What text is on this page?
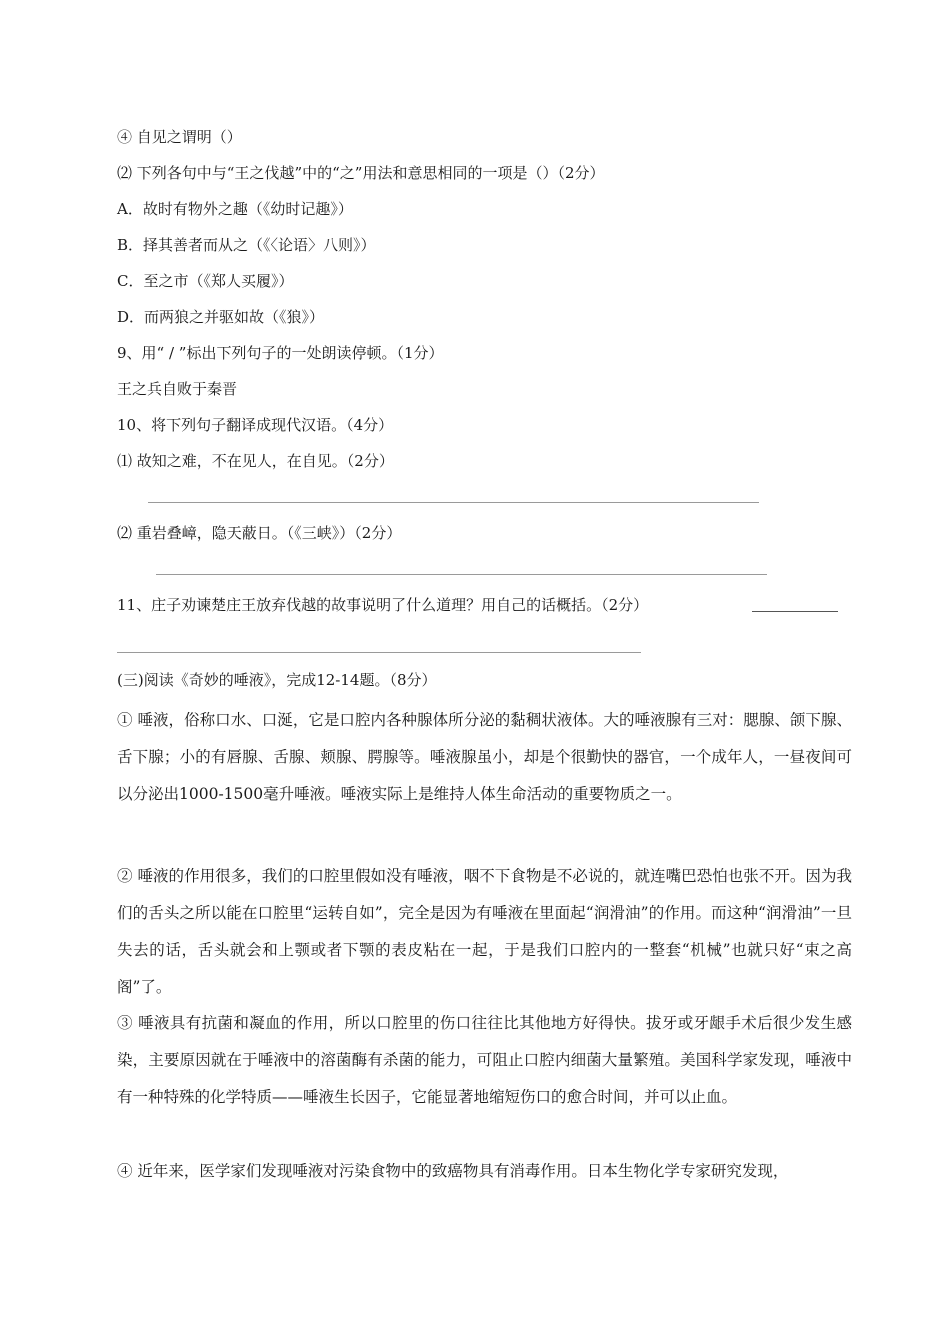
④ 自见之谓明（）
⑵ 下列各句中与“王之伐越”中的“之”用法和意思相同的一项是（）（2分）
A．故时有物外之趣（《幼时记趣》）
B．择其善者而从之（《〈论语〉八则》）
C．至之市（《郑人买履》）
D．而两狼之并驱如故（《狼》）
9、用“ / ”标出下列句子的一处朗读停顿。（1分）
王之兵自败于秦晋
10、将下列句子翻译成现代汉语。（4分）
⑴ 故知之难，不在见人，在自见。（2分）
⑵ 重岩叠嶂，隐天蔽日。（《三峡》）（2分）
11、庄子劝谏楚庄王放弃伐越的故事说明了什么道理？用自己的话概括。（2分）
(三)阅读《奇妙的唾液》，完成12-14题。（8分）
① 唾液，俗称口水、口涎，它是口腔内各种腺体所分泌的黏稠状液体。大的唾液腺有三对：腮腺、颌下腺、舌下腺；小的有唇腺、舌腺、颊腺、腭腺等。唾液腺虽小，却是个很勤快的器官，一个成年人，一昼夜间可以分泌出1000-1500毫升唾液。唾液实际上是维持人体生命活动的重要物质之一。
② 唾液的作用很多，我们的口腔里假如没有唾液，咽不下食物是不必说的，就连嘴巴恐怕也张不开。因为我们的舌头之所以能在口腔里“运转自如”，完全是因为有唾液在里面起“润滑油”的作用。而这种“润滑油”一旦失去的话，舌头就会和上颚或者下颚的表皮粘在一起，于是我们口腔内的一整套“机械”也就只好“束之高阁”了。
③ 唾液具有抗菌和凝血的作用，所以口腔里的伤口往往比其他地方好得快。拔牙或牙龈手术后很少发生感染，主要原因就在于唾液中的溶菌酶有杀菌的能力，可阻止口腔内细菌大量繁殖。美国科学家发现，唾液中有一种特殊的化学特质——唾液生长因子，它能显著地缩短伤口的愈合时间，并可以止血。
④ 近年来，医学家们发现唾液对污染食物中的致癌物具有消毒作用。日本生物化学专家研究发现，
